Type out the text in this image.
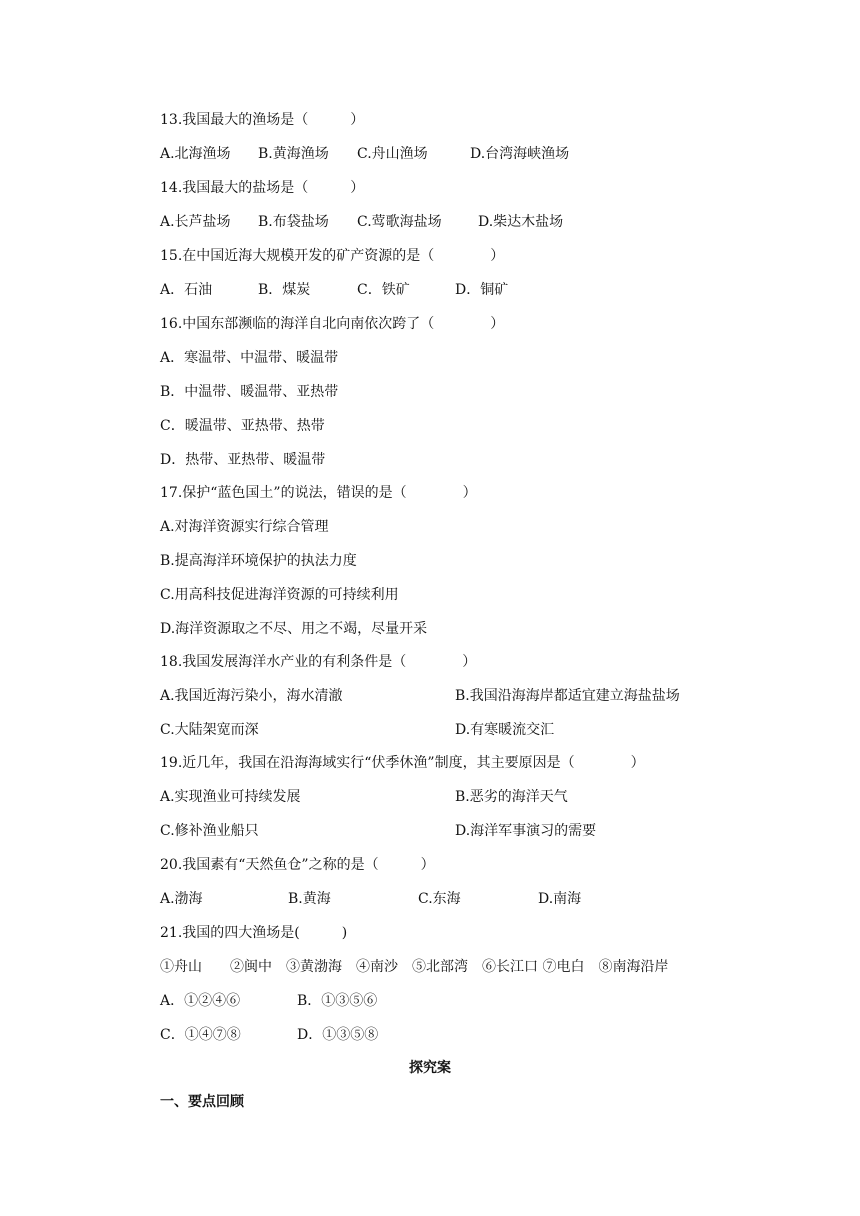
13.我国最大的渔场是（　　　）
A.北海渔场 B.黄海渔场 C.舟山渔场	D.台湾海峡渔场
14.我国最大的盐场是（　　　）
A.长芦盐场 B.布袋盐场 C.莺歌海盐场	D.柴达木盐场
15.在中国近海大规模开发的矿产资源的是（　　　　）
A．石油	B．煤炭	C．铁矿	D．铜矿
16.中国东部濒临的海洋自北向南依次跨了（　　　　）
A．寒温带、中温带、暖温带
B．中温带、暖温带、亚热带
C．暖温带、亚热带、热带
D．热带、亚热带、暖温带
17.保护“蓝色国土”的说法，错误的是（　　　　）
A.对海洋资源实行综合管理
B.提高海洋环境保护的执法力度
C.用高科技促进海洋资源的可持续利用
D.海洋资源取之不尽、用之不竭，尽量开采
18.我国发展海洋水产业的有利条件是（　　　　）
A.我国近海污染小，海水清澈	B.我国沿海海岸都适宜建立海盐盐场
C.大陆架宽而深	D.有寒暖流交汇
19.近几年，我国在沿海海域实行“伏季休渔”制度，其主要原因是（　　　　）
A.实现渔业可持续发展	B.恶劣的海洋天气
C.修补渔业船只	D.海洋军事演习的需要
20.我国素有“天然鱼仓”之称的是（　　　）
A.渤海	B.黄海	C.东海	D.南海
21.我国的四大渔场是(　　　)
①舟山　　②闽中　③黄渤海　④南沙　⑤北部湾　⑥长江口 ⑦电白　⑧南海沿岸
A．①②④⑥	B．①③⑤⑥
C．①④⑦⑧	D．①③⑤⑧
探究案
一、要点回顾
